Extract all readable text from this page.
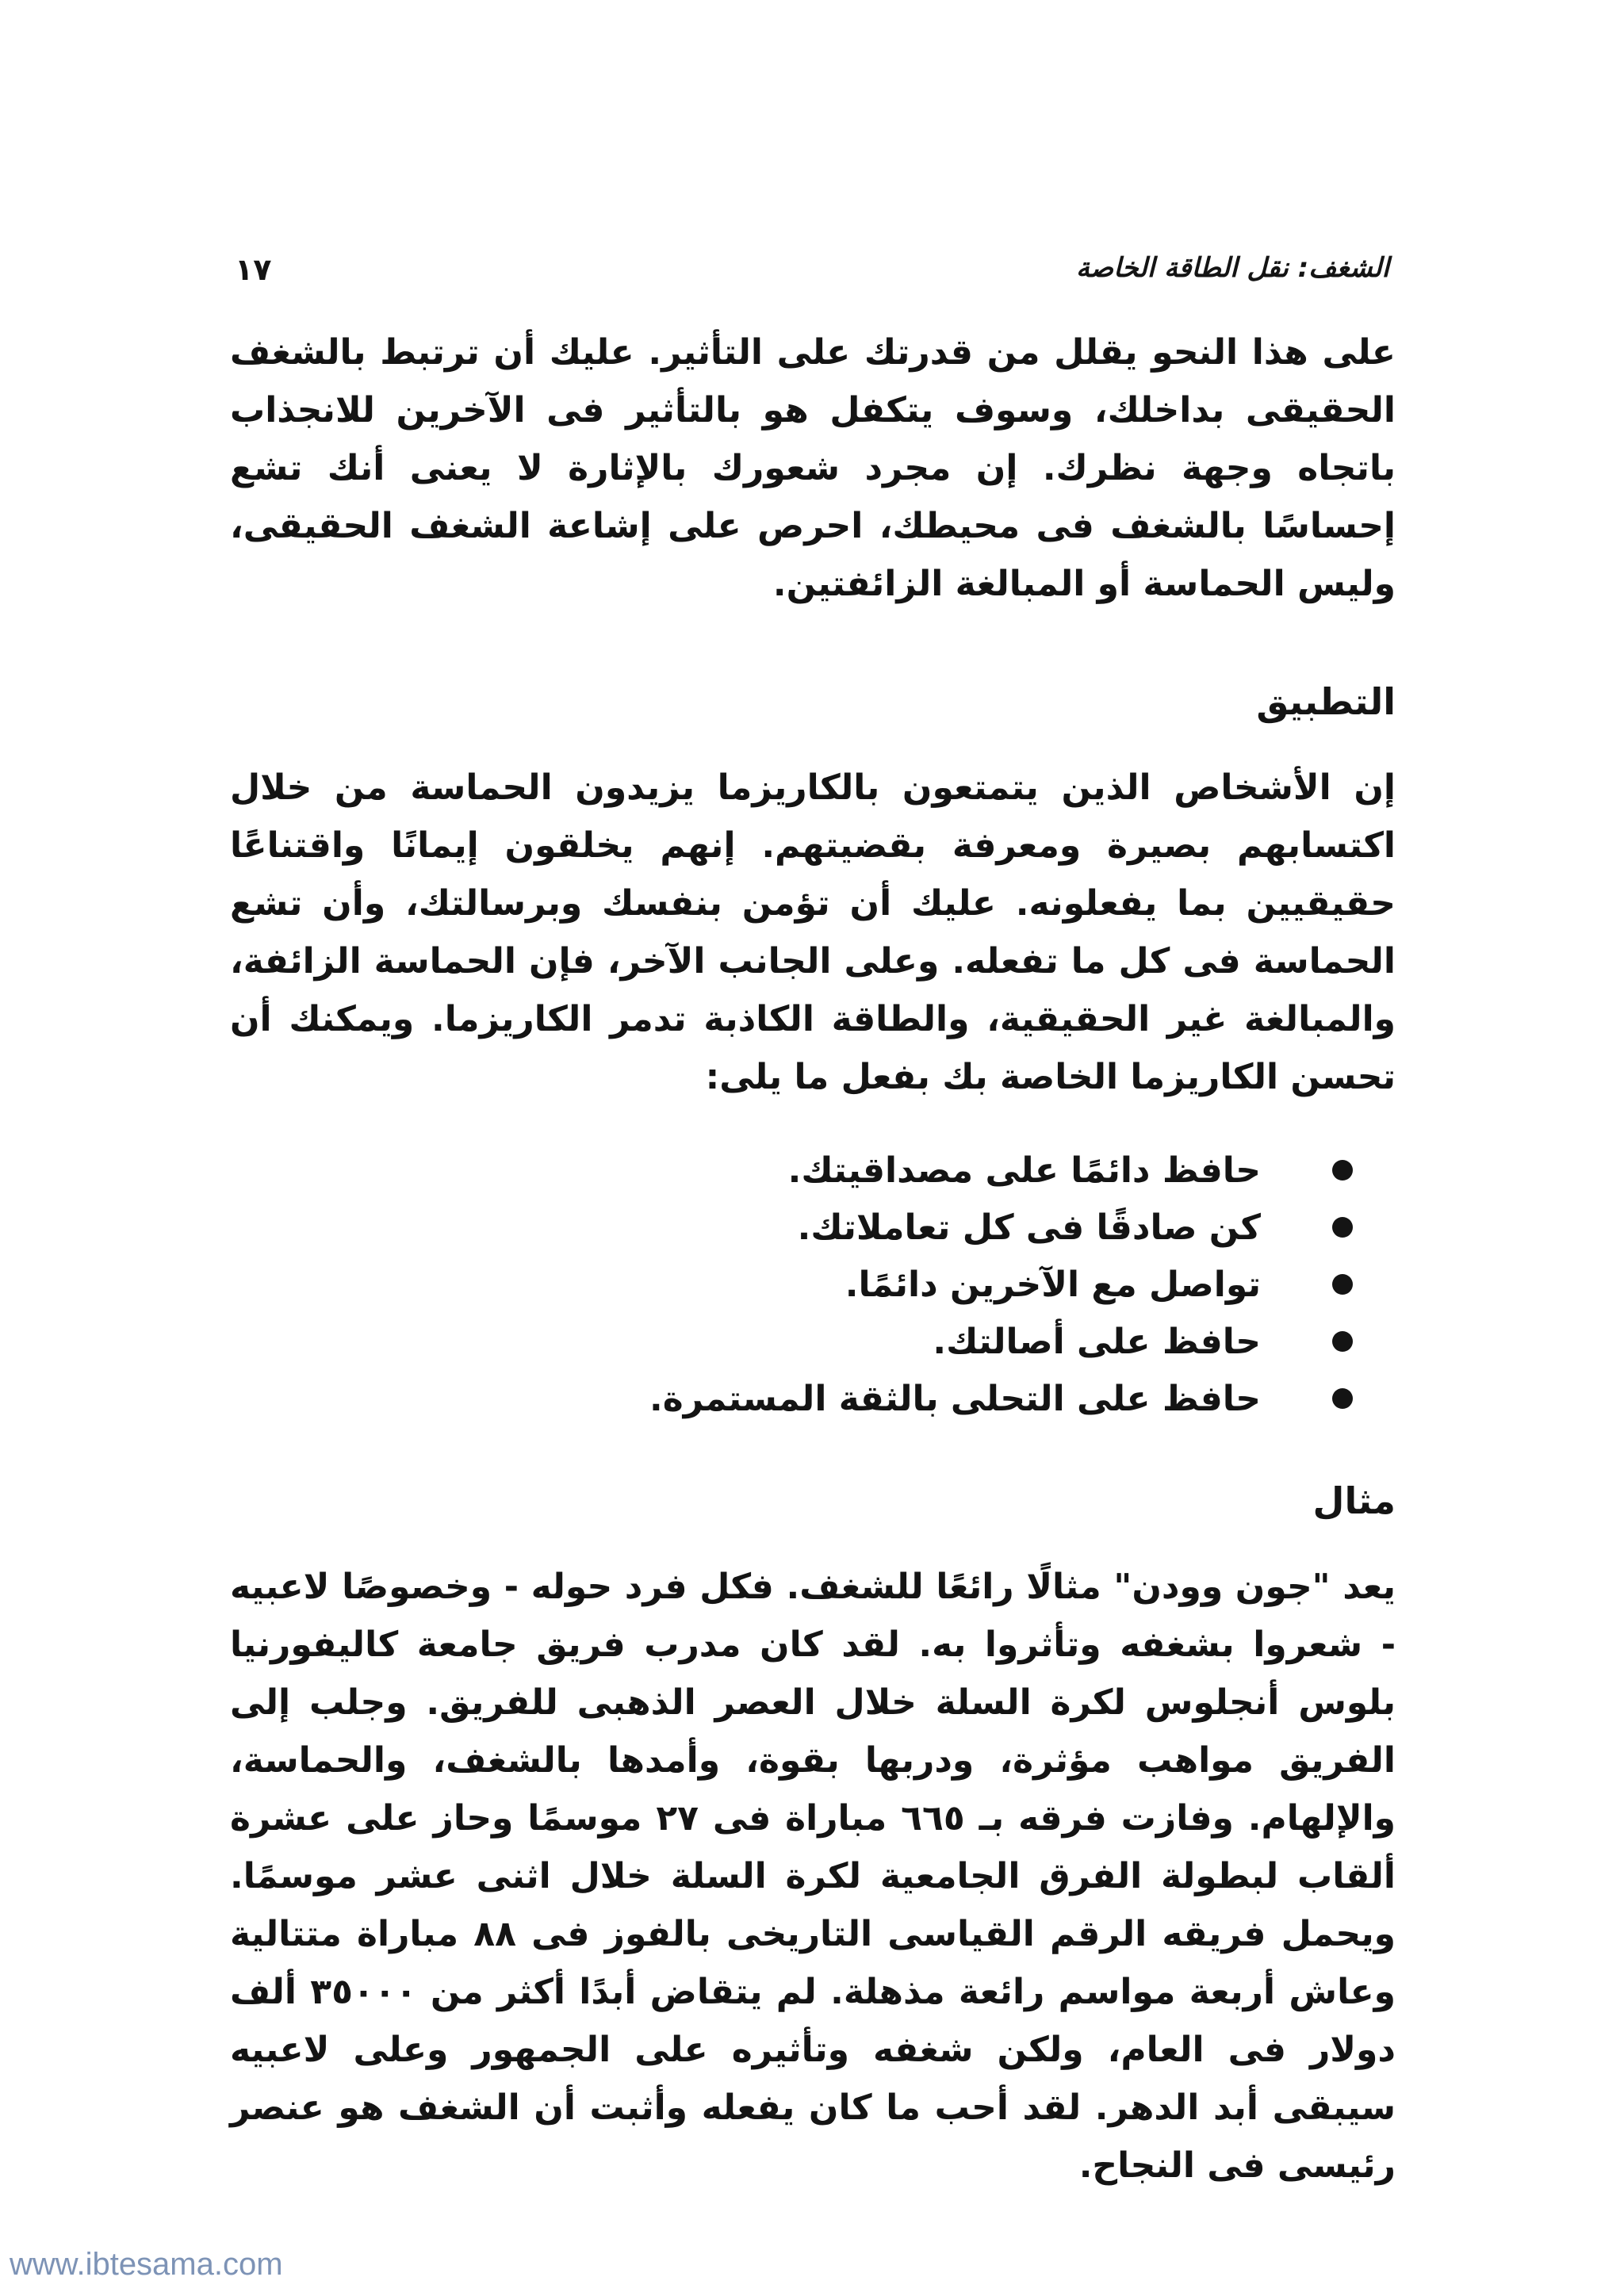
الشغف: نقل الطاقة الخاصة
١٧

على هذا النحو يقلل من قدرتك على التأثير. عليك أن ترتبط بالشغف الحقيقى بداخلك، وسوف يتكفل هو بالتأثير فى الآخرين للانجذاب باتجاه وجهة نظرك. إن مجرد شعورك بالإثارة لا يعنى أنك تشع إحساسًا بالشغف فى محيطك، احرص على إشاعة الشغف الحقيقى، وليس الحماسة أو المبالغة الزائفتين.

التطبيق

إن الأشخاص الذين يتمتعون بالكاريزما يزيدون الحماسة من خلال اكتسابهم بصيرة ومعرفة بقضيتهم. إنهم يخلقون إيمانًا واقتناعًا حقيقيين بما يفعلونه. عليك أن تؤمن بنفسك وبرسالتك، وأن تشع الحماسة فى كل ما تفعله. وعلى الجانب الآخر، فإن الحماسة الزائفة، والمبالغة غير الحقيقية، والطاقة الكاذبة تدمر الكاريزما. ويمكنك أن تحسن الكاريزما الخاصة بك بفعل ما يلى:

حافظ دائمًا على مصداقيتك.
كن صادقًا فى كل تعاملاتك.
تواصل مع الآخرين دائمًا.
حافظ على أصالتك.
حافظ على التحلى بالثقة المستمرة.
مثال

يعد "جون وودن" مثالًا رائعًا للشغف. فكل فرد حوله - وخصوصًا لاعبيه - شعروا بشغفه وتأثروا به. لقد كان مدرب فريق جامعة كاليفورنيا بلوس أنجلوس لكرة السلة خلال العصر الذهبى للفريق. وجلب إلى الفريق مواهب مؤثرة، ودربها بقوة، وأمدها بالشغف، والحماسة، والإلهام. وفازت فرقه بـ ٦٦٥ مباراة فى ٢٧ موسمًا وحاز على عشرة ألقاب لبطولة الفرق الجامعية لكرة السلة خلال اثنى عشر موسمًا. ويحمل فريقه الرقم القياسى التاريخى بالفوز فى ٨٨ مباراة متتالية وعاش أربعة مواسم رائعة مذهلة. لم يتقاض أبدًا أكثر من ٣٥٠٠٠ ألف دولار فى العام، ولكن شغفه وتأثيره على الجمهور وعلى لاعبيه سيبقى أبد الدهر. لقد أحب ما كان يفعله وأثبت أن الشغف هو عنصر رئيسى فى النجاح.

www.ibtesama.com
